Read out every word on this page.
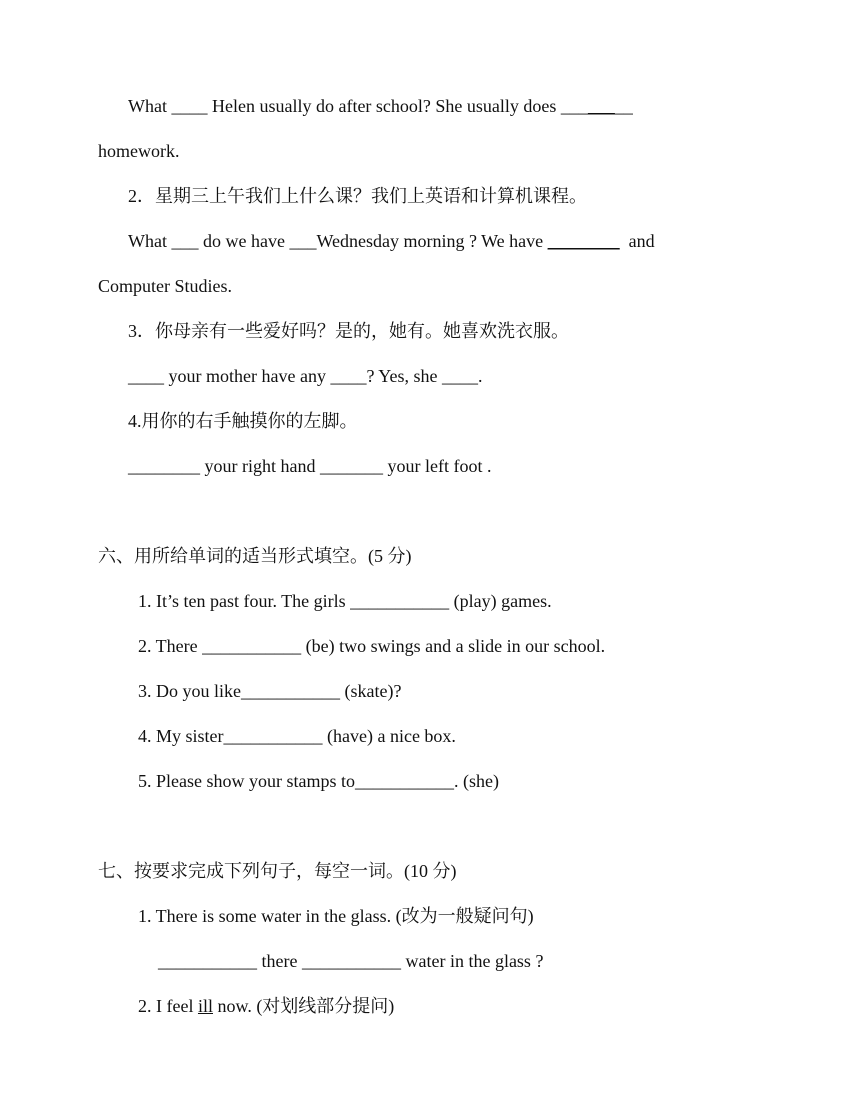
What ____ Helen usually do after school? She usually does ________
homework.
2．星期三上午我们上什么课？我们上英语和计算机课程。
What ___ do we have ___Wednesday morning ? We have ________  and
Computer Studies.
3．你母亲有一些爱好吗？是的，她有。她喜欢洗衣服。
____ your mother have any ____? Yes, she ____.
4.用你的右手触摸你的左脚。
________ your right hand _______ your left foot .
六、用所给单词的适当形式填空。(5 分)
1. It’s ten past four. The girls ___________ (play) games.
2. There ___________ (be) two swings and a slide in our school.
3. Do you like___________ (skate)?
4. My sister___________ (have) a nice box.
5. Please show your stamps to___________. (she)
七、按要求完成下列句子，每空一词。(10 分)
1. There is some water in the glass. (改为一般疑问句)
___________ there ___________ water in the glass ?
2. I feel ill now. (对划线部分提问)
